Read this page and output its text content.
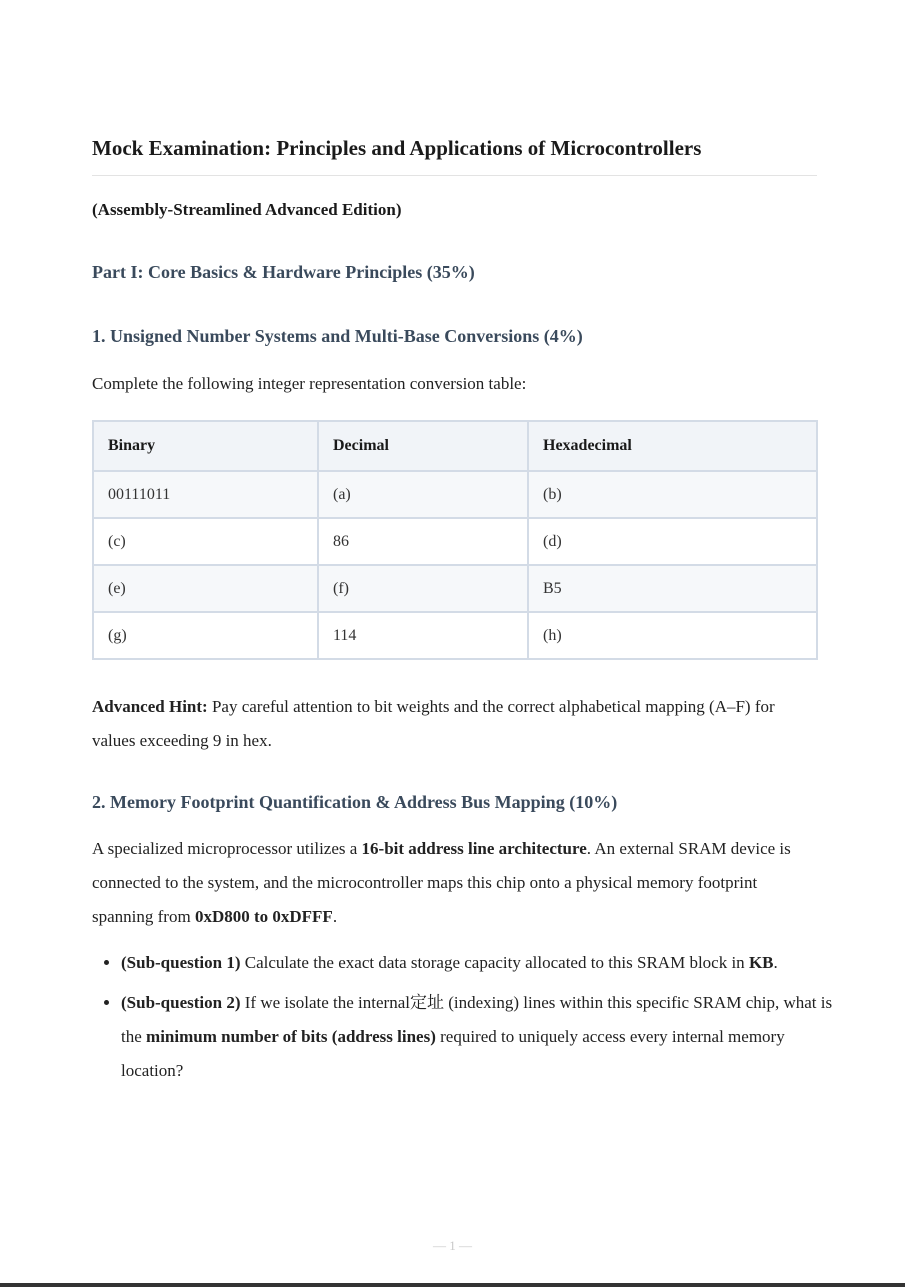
Mock Examination: Principles and Applications of Microcontrollers
(Assembly-Streamlined Advanced Edition)
Part I: Core Basics & Hardware Principles (35%)
1. Unsigned Number Systems and Multi-Base Conversions (4%)
Complete the following integer representation conversion table:
Binary	Decimal	Hexadecimal
00111011	(a)	(b)
(c)	86	(d)
(e)	(f)	B5
(g)	114	(h)
Advanced Hint: Pay careful attention to bit weights and the correct alphabetical mapping (A–F) for values exceeding 9 in hex.
2. Memory Footprint Quantification & Address Bus Mapping (10%)
A specialized microprocessor utilizes a 16-bit address line architecture. An external SRAM device is connected to the system, and the microcontroller maps this chip onto a physical memory footprint spanning from 0xD800 to 0xDFFF.
• (Sub-question 1) Calculate the exact data storage capacity allocated to this SRAM block in KB.
• (Sub-question 2) If we isolate the internal定址 (indexing) lines within this specific SRAM chip, what is the minimum number of bits (address lines) required to uniquely access every internal memory location?
— 1 —
